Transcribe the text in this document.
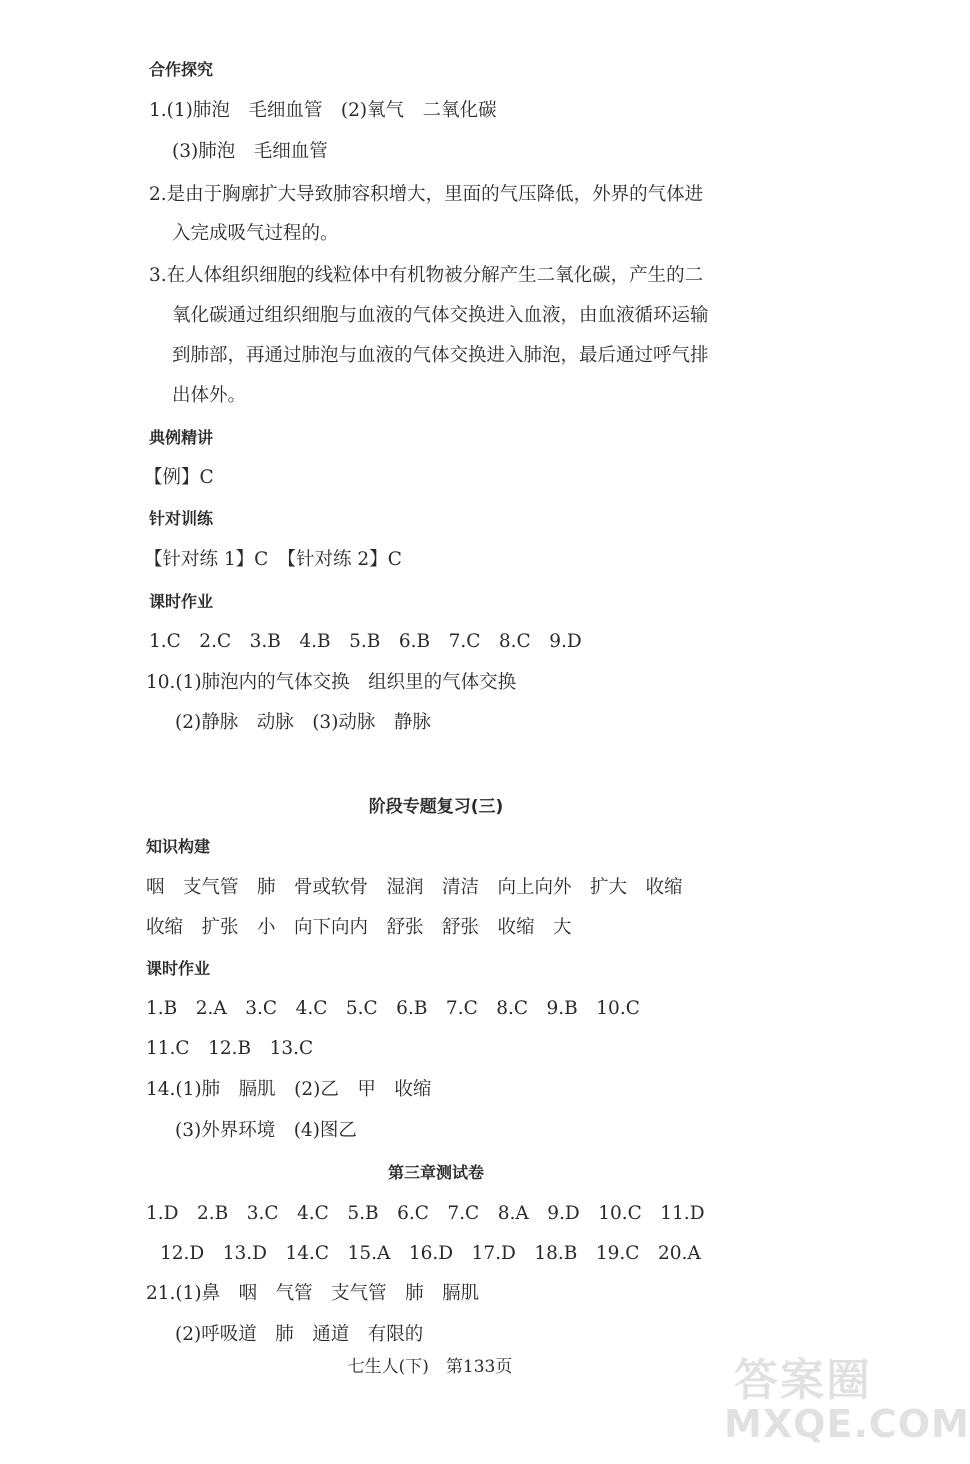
合作探究
1.(1)肺泡　毛细血管　(2)氧气　二氧化碳
(3)肺泡　毛细血管
2.是由于胸廓扩大导致肺容积增大，里面的气压降低，外界的气体进
入完成吸气过程的。
3.在人体组织细胞的线粒体中有机物被分解产生二氧化碳，产生的二
氧化碳通过组织细胞与血液的气体交换进入血液，由血液循环运输
到肺部，再通过肺泡与血液的气体交换进入肺泡，最后通过呼气排
出体外。
典例精讲
【例】C
针对训练
【针对练 1】C　【针对练 2】C
课时作业
1.C　2.C　3.B　4.B　5.B　6.B　7.C　8.C　9.D
10.(1)肺泡内的气体交换　组织里的气体交换
(2)静脉　动脉　(3)动脉　静脉
阶段专题复习(三)
知识构建
咽　支气管　肺　骨或软骨　湿润　清洁　向上向外　扩大　收缩
收缩　扩张　小　向下向内　舒张　舒张　收缩　大
课时作业
1.B　2.A　3.C　4.C　5.C　6.B　7.C　8.C　9.B　10.C
11.C　12.B　13.C
14.(1)肺　膈肌　(2)乙　甲　收缩
(3)外界环境　(4)图乙
第三章测试卷
1.D　2.B　3.C　4.C　5.B　6.C　7.C　8.A　9.D　10.C　11.D
12.D　13.D　14.C　15.A　16.D　17.D　18.B　19.C　20.A
21.(1)鼻　咽　气管　支气管　肺　膈肌
(2)呼吸道　肺　通道　有限的
七生人(下)　第133页	答案圈
MXQE.COM
